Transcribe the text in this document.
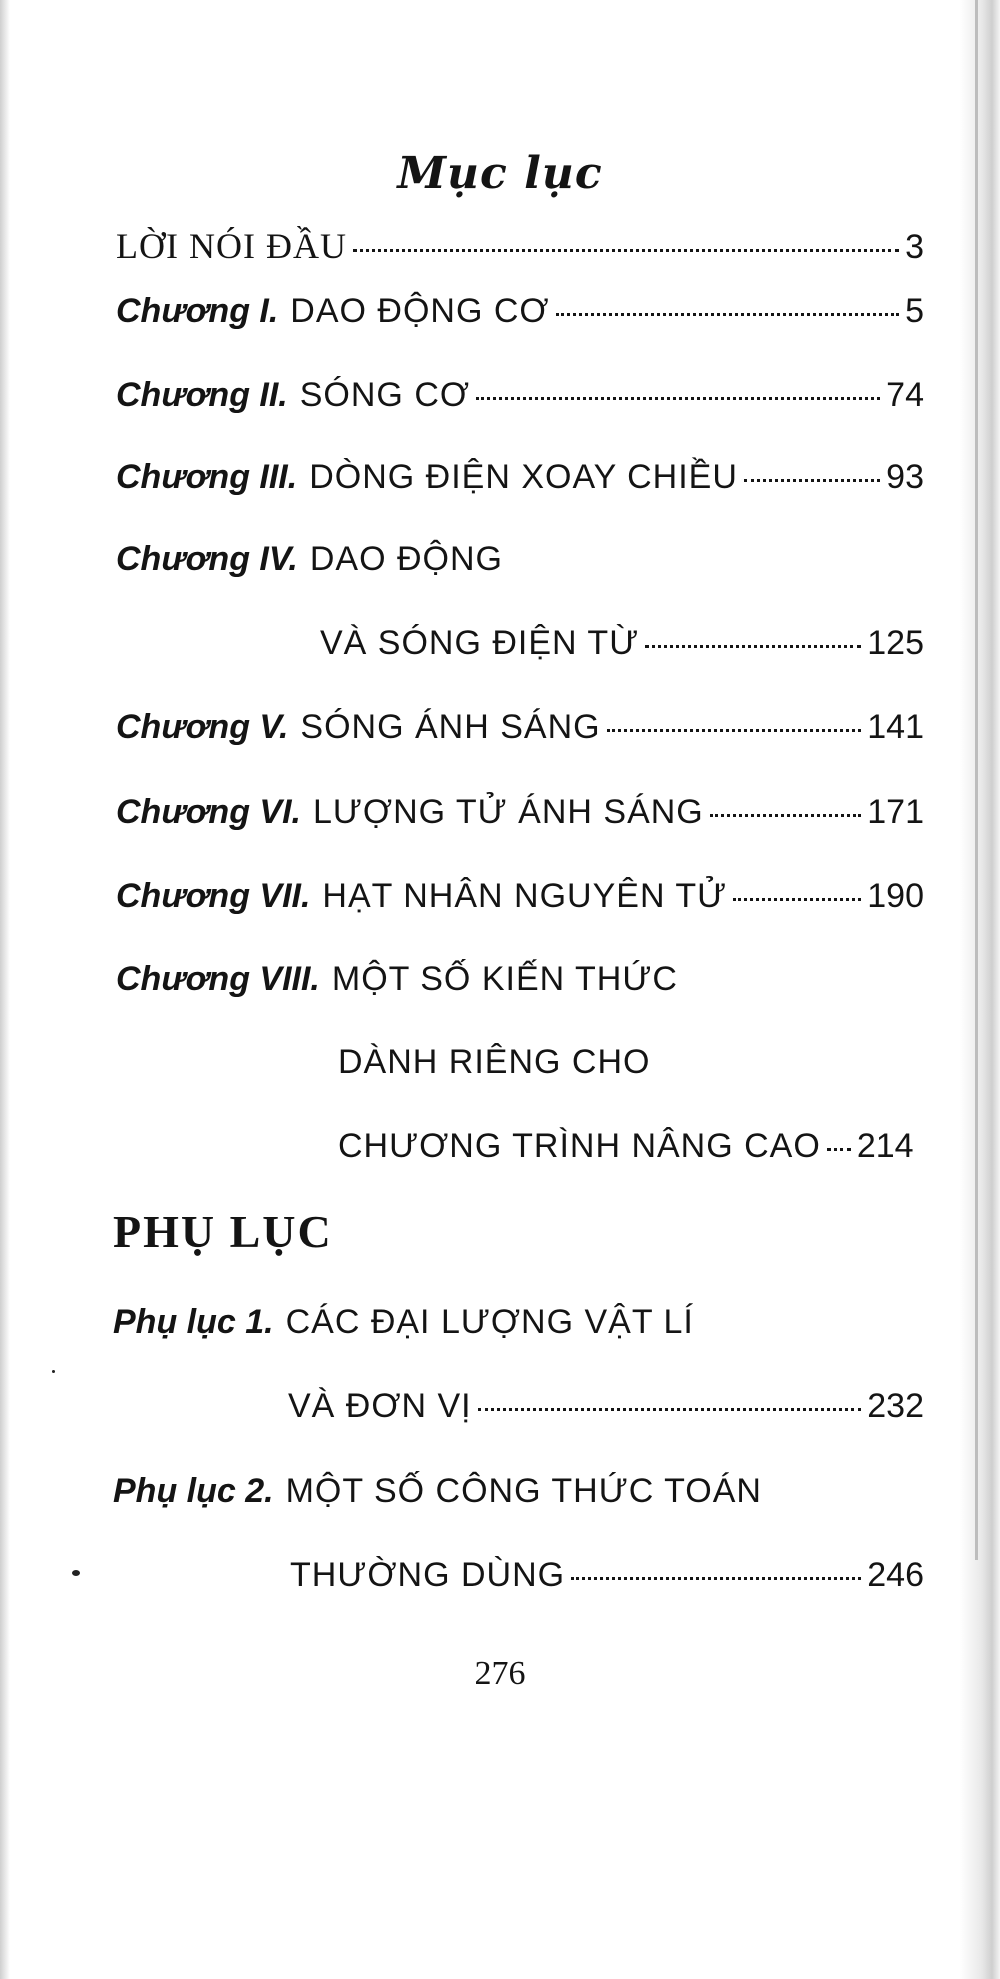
Mục lục
LỜI NÓI ĐẦU	3
Chương I. DAO ĐỘNG CƠ	5
Chương II. SÓNG CƠ	74
Chương III. DÒNG ĐIỆN XOAY CHIỀU	93
Chương IV. DAO ĐỘNG
VÀ SÓNG ĐIỆN TỪ	125
Chương V. SÓNG ÁNH SÁNG	141
Chương VI. LƯỢNG TỬ ÁNH SÁNG	171
Chương VII. HẠT NHÂN NGUYÊN TỬ	190
Chương VIII. MỘT SỐ KIẾN THỨC
DÀNH RIÊNG CHO
CHƯƠNG TRÌNH NÂNG CAO 214
PHỤ LỤC
Phụ lục 1. CÁC ĐẠI LƯỢNG VẬT LÍ
VÀ ĐƠN VỊ	232
Phụ lục 2. MỘT SỐ CÔNG THỨC TOÁN
THƯỜNG DÙNG	246
276
